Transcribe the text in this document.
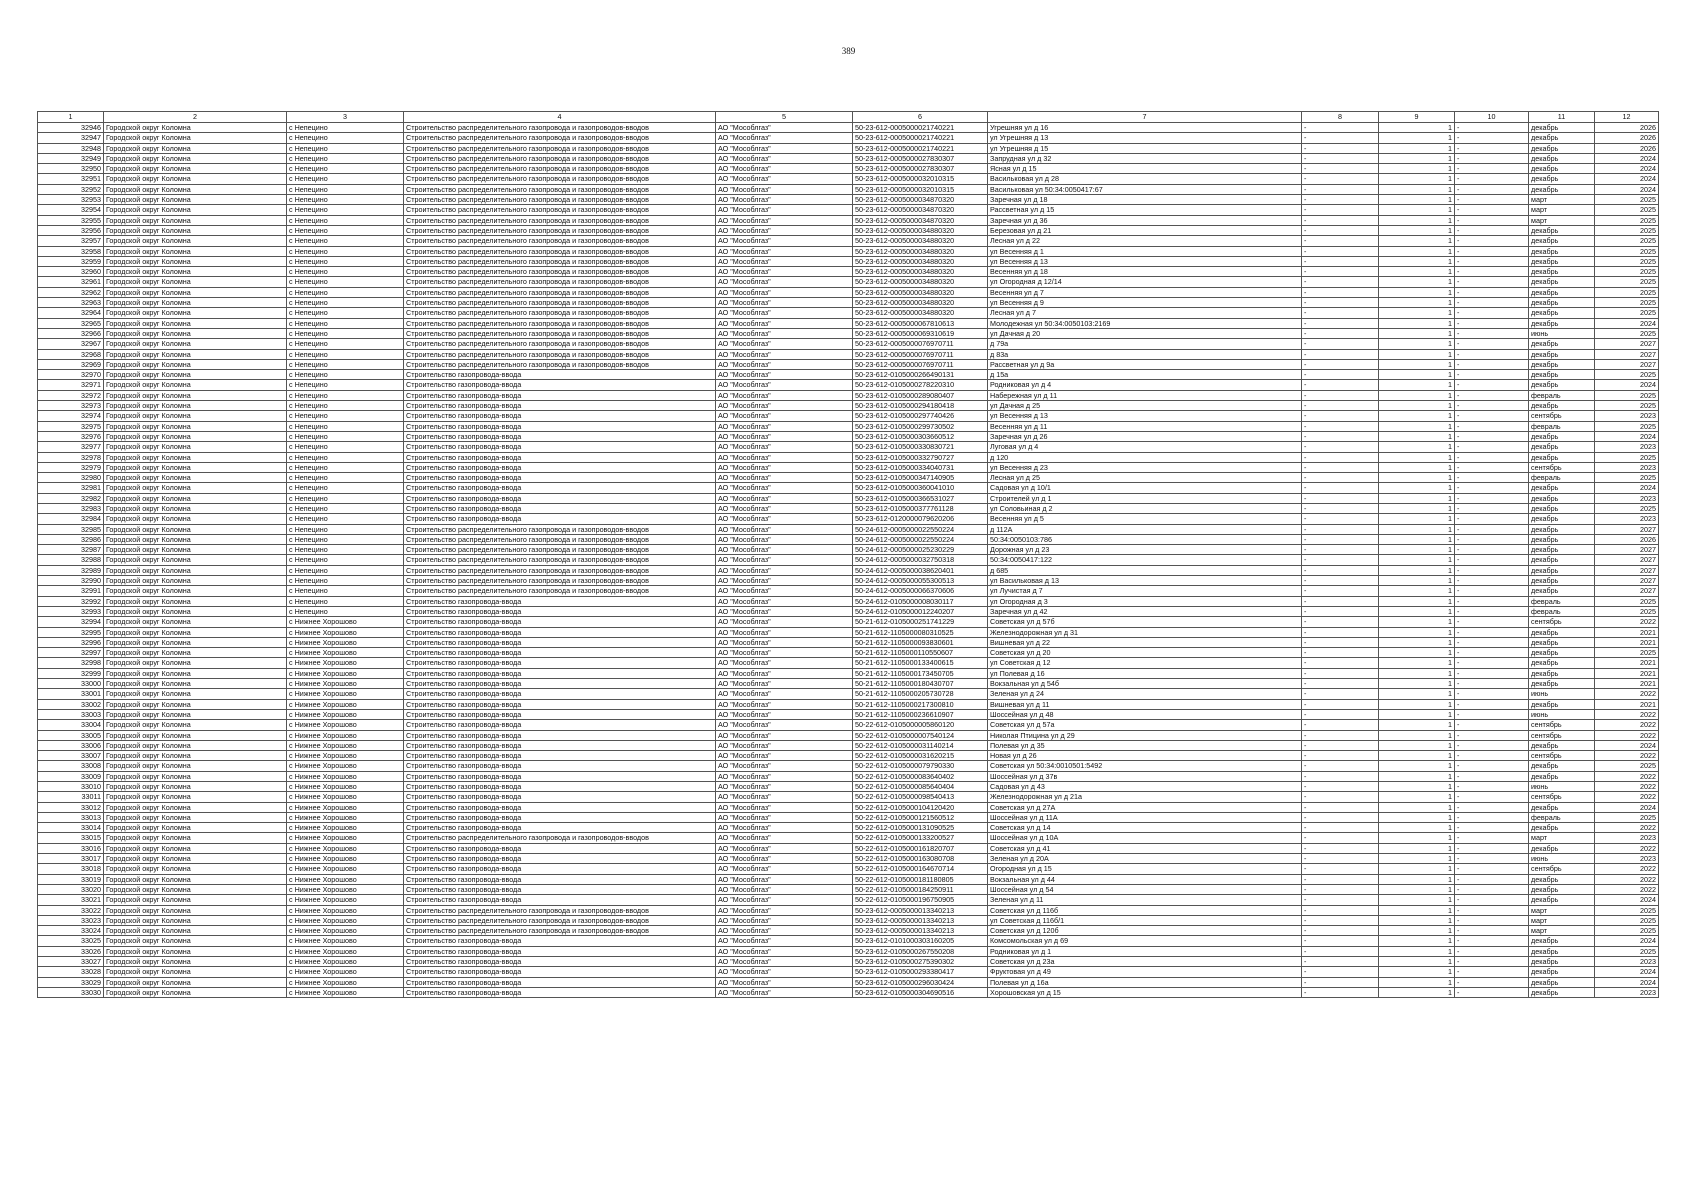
389
1	2	3	4	5	6	7	8	9	10	11	12
32946	Городской округ Коломна	с Непецино	Строительство распределительного газопровода и газопроводов-вводов	АО "Мособлгаз"	50-23-612-0005000021740221	Угрешняя ул д 16	-	1	-	декабрь	2026
32947	Городской округ Коломна	с Непецино	Строительство распределительного газопровода и газопроводов-вводов	АО "Мособлгаз"	50-23-612-0005000021740221	ул Угрешняя д 13	-	1	-	декабрь	2026
32948	Городской округ Коломна	с Непецино	Строительство распределительного газопровода и газопроводов-вводов	АО "Мособлгаз"	50-23-612-0005000021740221	ул Угрешняя д 15	-	1	-	декабрь	2026
32949	Городской округ Коломна	с Непецино	Строительство распределительного газопровода и газопроводов-вводов	АО "Мособлгаз"	50-23-612-0005000027830307	Запрудная ул д 32	-	1	-	декабрь	2024
32950	Городской округ Коломна	с Непецино	Строительство распределительного газопровода и газопроводов-вводов	АО "Мособлгаз"	50-23-612-0005000027830307	Ясная ул д 15	-	1	-	декабрь	2024
32951	Городской округ Коломна	с Непецино	Строительство распределительного газопровода и газопроводов-вводов	АО "Мособлгаз"	50-23-612-0005000032010315	Васильковая ул д 28	-	1	-	декабрь	2024
32952	Городской округ Коломна	с Непецино	Строительство распределительного газопровода и газопроводов-вводов	АО "Мособлгаз"	50-23-612-0005000032010315	Васильковая ул 50:34:0050417:67	-	1	-	декабрь	2024
32953	Городской округ Коломна	с Непецино	Строительство распределительного газопровода и газопроводов-вводов	АО "Мособлгаз"	50-23-612-0005000034870320	Заречная ул д 18	-	1	-	март	2025
32954	Городской округ Коломна	с Непецино	Строительство распределительного газопровода и газопроводов-вводов	АО "Мособлгаз"	50-23-612-0005000034870320	Рассветная ул д 15	-	1	-	март	2025
32955	Городской округ Коломна	с Непецино	Строительство распределительного газопровода и газопроводов-вводов	АО "Мособлгаз"	50-23-612-0005000034870320	Заречная ул д 36	-	1	-	март	2025
32956	Городской округ Коломна	с Непецино	Строительство распределительного газопровода и газопроводов-вводов	АО "Мособлгаз"	50-23-612-0005000034880320	Березовая ул д 21	-	1	-	декабрь	2025
32957	Городской округ Коломна	с Непецино	Строительство распределительного газопровода и газопроводов-вводов	АО "Мособлгаз"	50-23-612-0005000034880320	Лесная ул д 22	-	1	-	декабрь	2025
32958	Городской округ Коломна	с Непецино	Строительство распределительного газопровода и газопроводов-вводов	АО "Мособлгаз"	50-23-612-0005000034880320	ул Весенняя д 1	-	1	-	декабрь	2025
32959	Городской округ Коломна	с Непецино	Строительство распределительного газопровода и газопроводов-вводов	АО "Мособлгаз"	50-23-612-0005000034880320	ул Весенняя д 13	-	1	-	декабрь	2025
32960	Городской округ Коломна	с Непецино	Строительство распределительного газопровода и газопроводов-вводов	АО "Мособлгаз"	50-23-612-0005000034880320	Весенняя ул д 18	-	1	-	декабрь	2025
32961	Городской округ Коломна	с Непецино	Строительство распределительного газопровода и газопроводов-вводов	АО "Мособлгаз"	50-23-612-0005000034880320	ул Огородная д 12/14	-	1	-	декабрь	2025
32962	Городской округ Коломна	с Непецино	Строительство распределительного газопровода и газопроводов-вводов	АО "Мособлгаз"	50-23-612-0005000034880320	Весенняя ул д 7	-	1	-	декабрь	2025
32963	Городской округ Коломна	с Непецино	Строительство распределительного газопровода и газопроводов-вводов	АО "Мособлгаз"	50-23-612-0005000034880320	ул Весенняя д 9	-	1	-	декабрь	2025
32964	Городской округ Коломна	с Непецино	Строительство распределительного газопровода и газопроводов-вводов	АО "Мособлгаз"	50-23-612-0005000034880320	Лесная ул д 7	-	1	-	декабрь	2025
32965	Городской округ Коломна	с Непецино	Строительство распределительного газопровода и газопроводов-вводов	АО "Мособлгаз"	50-23-612-0005000067810613	Молодежная ул 50:34:0050103:2169	-	1	-	декабрь	2024
32966	Городской округ Коломна	с Непецино	Строительство распределительного газопровода и газопроводов-вводов	АО "Мособлгаз"	50-23-612-0005000069310619	ул Дачная д 20	-	1	-	июнь	2025
32967	Городской округ Коломна	с Непецино	Строительство распределительного газопровода и газопроводов-вводов	АО "Мособлгаз"	50-23-612-0005000076970711	д 79а	-	1	-	декабрь	2027
32968	Городской округ Коломна	с Непецино	Строительство распределительного газопровода и газопроводов-вводов	АО "Мособлгаз"	50-23-612-0005000076970711	д 83а	-	1	-	декабрь	2027
32969	Городской округ Коломна	с Непецино	Строительство распределительного газопровода и газопроводов-вводов	АО "Мособлгаз"	50-23-612-0005000076970711	Рассветная ул д 9а	-	1	-	декабрь	2027
32970	Городской округ Коломна	с Непецино	Строительство газопровода-ввода	АО "Мособлгаз"	50-23-612-0105000266490131	д 15а	-	1	-	декабрь	2025
32971	Городской округ Коломна	с Непецино	Строительство газопровода-ввода	АО "Мособлгаз"	50-23-612-0105000278220310	Родниковая ул д 4	-	1	-	декабрь	2024
32972	Городской округ Коломна	с Непецино	Строительство газопровода-ввода	АО "Мособлгаз"	50-23-612-0105000289080407	Набережная ул д 11	-	1	-	февраль	2025
32973	Городской округ Коломна	с Непецино	Строительство газопровода-ввода	АО "Мособлгаз"	50-23-612-0105000294180418	ул Дачная д 25	-	1	-	декабрь	2025
32974	Городской округ Коломна	с Непецино	Строительство газопровода-ввода	АО "Мособлгаз"	50-23-612-0105000297740426	ул Весенняя д 13	-	1	-	сентябрь	2023
32975	Городской округ Коломна	с Непецино	Строительство газопровода-ввода	АО "Мособлгаз"	50-23-612-0105000299730502	Весенняя ул д 11	-	1	-	февраль	2025
32976	Городской округ Коломна	с Непецино	Строительство газопровода-ввода	АО "Мособлгаз"	50-23-612-0105000303660512	Заречная ул д 26	-	1	-	декабрь	2024
32977	Городской округ Коломна	с Непецино	Строительство газопровода-ввода	АО "Мособлгаз"	50-23-612-0105000330830721	Луговая ул д 4	-	1	-	декабрь	2023
32978	Городской округ Коломна	с Непецино	Строительство газопровода-ввода	АО "Мособлгаз"	50-23-612-0105000332790727	д 120	-	1	-	декабрь	2025
32979	Городской округ Коломна	с Непецино	Строительство газопровода-ввода	АО "Мособлгаз"	50-23-612-0105000334040731	ул Весенняя д 23	-	1	-	сентябрь	2023
32980	Городской округ Коломна	с Непецино	Строительство газопровода-ввода	АО "Мособлгаз"	50-23-612-0105000347140905	Лесная ул д 25	-	1	-	февраль	2025
32981	Городской округ Коломна	с Непецино	Строительство газопровода-ввода	АО "Мособлгаз"	50-23-612-0105000360041010	Садовая ул д 10/1	-	1	-	декабрь	2024
32982	Городской округ Коломна	с Непецино	Строительство газопровода-ввода	АО "Мособлгаз"	50-23-612-0105000366531027	Строителей ул д 1	-	1	-	декабрь	2023
32983	Городской округ Коломна	с Непецино	Строительство газопровода-ввода	АО "Мособлгаз"	50-23-612-0105000377761128	ул Соловьиная д 2	-	1	-	декабрь	2025
32984	Городской округ Коломна	с Непецино	Строительство газопровода-ввода	АО "Мособлгаз"	50-23-612-0120000079620206	Весенняя ул д 5	-	1	-	декабрь	2023
32985	Городской округ Коломна	с Непецино	Строительство распределительного газопровода и газопроводов-вводов	АО "Мособлгаз"	50-24-612-0005000022550224	д 112А	-	1	-	декабрь	2027
32986	Городской округ Коломна	с Непецино	Строительство распределительного газопровода и газопроводов-вводов	АО "Мособлгаз"	50-24-612-0005000022550224	50:34:0050103:786	-	1	-	декабрь	2026
32987	Городской округ Коломна	с Непецино	Строительство распределительного газопровода и газопроводов-вводов	АО "Мособлгаз"	50-24-612-0005000025230229	Дорожная ул д 23	-	1	-	декабрь	2027
32988	Городской округ Коломна	с Непецино	Строительство распределительного газопровода и газопроводов-вводов	АО "Мособлгаз"	50-24-612-0005000032750318	50:34:0050417:122	-	1	-	декабрь	2027
32989	Городской округ Коломна	с Непецино	Строительство распределительного газопровода и газопроводов-вводов	АО "Мособлгаз"	50-24-612-0005000038620401	д 685	-	1	-	декабрь	2027
32990	Городской округ Коломна	с Непецино	Строительство распределительного газопровода и газопроводов-вводов	АО "Мособлгаз"	50-24-612-0005000055300513	ул Васильковая д 13	-	1	-	декабрь	2027
32991	Городской округ Коломна	с Непецино	Строительство распределительного газопровода и газопроводов-вводов	АО "Мособлгаз"	50-24-612-0005000066370606	ул Лучистая д 7	-	1	-	декабрь	2027
32992	Городской округ Коломна	с Непецино	Строительство газопровода-ввода	АО "Мособлгаз"	50-24-612-0105000008030117	ул Огородная д 3	-	1	-	февраль	2025
32993	Городской округ Коломна	с Непецино	Строительство газопровода-ввода	АО "Мособлгаз"	50-24-612-0105000012240207	Заречная ул д 42	-	1	-	февраль	2025
32994	Городской округ Коломна	с Нижнее Хорошово	Строительство газопровода-ввода	АО "Мособлгаз"	50-21-612-0105000251741229	Советская ул д 57б	-	1	-	сентябрь	2022
32995	Городской округ Коломна	с Нижнее Хорошово	Строительство газопровода-ввода	АО "Мособлгаз"	50-21-612-1105000080310525	Железнодорожная ул д 31	-	1	-	декабрь	2021
32996	Городской округ Коломна	с Нижнее Хорошово	Строительство газопровода-ввода	АО "Мособлгаз"	50-21-612-1105000093830601	Вишневая ул д 22	-	1	-	декабрь	2021
32997	Городской округ Коломна	с Нижнее Хорошово	Строительство газопровода-ввода	АО "Мособлгаз"	50-21-612-1105000110550607	Советская ул д 20	-	1	-	декабрь	2025
32998	Городской округ Коломна	с Нижнее Хорошово	Строительство газопровода-ввода	АО "Мособлгаз"	50-21-612-1105000133400615	ул Советская д 12	-	1	-	декабрь	2021
32999	Городской округ Коломна	с Нижнее Хорошово	Строительство газопровода-ввода	АО "Мособлгаз"	50-21-612-1105000173450705	ул Полевая д 16	-	1	-	декабрь	2021
33000	Городской округ Коломна	с Нижнее Хорошово	Строительство газопровода-ввода	АО "Мособлгаз"	50-21-612-1105000180430707	Вокзальная ул д 54б	-	1	-	декабрь	2021
33001	Городской округ Коломна	с Нижнее Хорошово	Строительство газопровода-ввода	АО "Мособлгаз"	50-21-612-1105000205730728	Зеленая ул д 24	-	1	-	июнь	2022
33002	Городской округ Коломна	с Нижнее Хорошово	Строительство газопровода-ввода	АО "Мособлгаз"	50-21-612-1105000217300810	Вишневая ул д 11	-	1	-	декабрь	2021
33003	Городской округ Коломна	с Нижнее Хорошово	Строительство газопровода-ввода	АО "Мособлгаз"	50-21-612-1105000236610907	Шоссейная ул д 48	-	1	-	июнь	2022
33004	Городской округ Коломна	с Нижнее Хорошово	Строительство газопровода-ввода	АО "Мособлгаз"	50-22-612-0105000005860120	Советская ул д 57а	-	1	-	сентябрь	2022
33005	Городской округ Коломна	с Нижнее Хорошово	Строительство газопровода-ввода	АО "Мособлгаз"	50-22-612-0105000007540124	Николая Птицина ул д 29	-	1	-	сентябрь	2022
33006	Городской округ Коломна	с Нижнее Хорошово	Строительство газопровода-ввода	АО "Мособлгаз"	50-22-612-0105000031140214	Полевая ул д 35	-	1	-	декабрь	2024
33007	Городской округ Коломна	с Нижнее Хорошово	Строительство газопровода-ввода	АО "Мособлгаз"	50-22-612-0105000031620215	Новая ул д 26	-	1	-	сентябрь	2022
33008	Городской округ Коломна	с Нижнее Хорошово	Строительство газопровода-ввода	АО "Мособлгаз"	50-22-612-0105000079790330	Советская ул 50:34:0010501:5492	-	1	-	декабрь	2025
33009	Городской округ Коломна	с Нижнее Хорошово	Строительство газопровода-ввода	АО "Мособлгаз"	50-22-612-0105000083640402	Шоссейная ул д 37в	-	1	-	декабрь	2022
33010	Городской округ Коломна	с Нижнее Хорошово	Строительство газопровода-ввода	АО "Мособлгаз"	50-22-612-0105000085640404	Садовая ул д 43	-	1	-	июнь	2022
33011	Городской округ Коломна	с Нижнее Хорошово	Строительство газопровода-ввода	АО "Мособлгаз"	50-22-612-0105000098540413	Железнодорожная ул д 21а	-	1	-	сентябрь	2022
33012	Городской округ Коломна	с Нижнее Хорошово	Строительство газопровода-ввода	АО "Мособлгаз"	50-22-612-0105000104120420	Советская ул д 27А	-	1	-	декабрь	2024
33013	Городской округ Коломна	с Нижнее Хорошово	Строительство газопровода-ввода	АО "Мособлгаз"	50-22-612-0105000121560512	Шоссейная ул д 11А	-	1	-	февраль	2025
33014	Городской округ Коломна	с Нижнее Хорошово	Строительство газопровода-ввода	АО "Мособлгаз"	50-22-612-0105000131090525	Советская ул д 14	-	1	-	декабрь	2022
33015	Городской округ Коломна	с Нижнее Хорошово	Строительство распределительного газопровода и газопроводов-вводов	АО "Мособлгаз"	50-22-612-0105000133200527	Шоссейная ул д 10А	-	1	-	март	2023
33016	Городской округ Коломна	с Нижнее Хорошово	Строительство газопровода-ввода	АО "Мособлгаз"	50-22-612-0105000161820707	Советская ул д 41	-	1	-	декабрь	2022
33017	Городской округ Коломна	с Нижнее Хорошово	Строительство газопровода-ввода	АО "Мособлгаз"	50-22-612-0105000163080708	Зеленая ул д 20А	-	1	-	июнь	2023
33018	Городской округ Коломна	с Нижнее Хорошово	Строительство газопровода-ввода	АО "Мособлгаз"	50-22-612-0105000164670714	Огородная ул д 15	-	1	-	сентябрь	2022
33019	Городской округ Коломна	с Нижнее Хорошово	Строительство газопровода-ввода	АО "Мособлгаз"	50-22-612-0105000181180805	Вокзальная ул д 44	-	1	-	декабрь	2022
33020	Городской округ Коломна	с Нижнее Хорошово	Строительство газопровода-ввода	АО "Мособлгаз"	50-22-612-0105000184250911	Шоссейная ул д 54	-	1	-	декабрь	2022
33021	Городской округ Коломна	с Нижнее Хорошово	Строительство газопровода-ввода	АО "Мособлгаз"	50-22-612-0105000196750905	Зеленая ул д 11	-	1	-	декабрь	2024
33022	Городской округ Коломна	с Нижнее Хорошово	Строительство распределительного газопровода и газопроводов-вводов	АО "Мособлгаз"	50-23-612-0005000013340213	Советская ул д 116б	-	1	-	март	2025
33023	Городской округ Коломна	с Нижнее Хорошово	Строительство распределительного газопровода и газопроводов-вводов	АО "Мособлгаз"	50-23-612-0005000013340213	ул Советская д 116б/1	-	1	-	март	2025
33024	Городской округ Коломна	с Нижнее Хорошово	Строительство распределительного газопровода и газопроводов-вводов	АО "Мособлгаз"	50-23-612-0005000013340213	Советская ул д 120б	-	1	-	март	2025
33025	Городской округ Коломна	с Нижнее Хорошово	Строительство газопровода-ввода	АО "Мособлгаз"	50-23-612-0101000303160205	Комсомольская ул д 69	-	1	-	декабрь	2024
33026	Городской округ Коломна	с Нижнее Хорошово	Строительство газопровода-ввода	АО "Мособлгаз"	50-23-612-0105000267550208	Родниковая ул д 1	-	1	-	декабрь	2025
33027	Городской округ Коломна	с Нижнее Хорошово	Строительство газопровода-ввода	АО "Мособлгаз"	50-23-612-0105000275390302	Советская ул д 23а	-	1	-	декабрь	2023
33028	Городской округ Коломна	с Нижнее Хорошово	Строительство газопровода-ввода	АО "Мособлгаз"	50-23-612-0105000293380417	Фруктовая ул д 49	-	1	-	декабрь	2024
33029	Городской округ Коломна	с Нижнее Хорошово	Строительство газопровода-ввода	АО "Мособлгаз"	50-23-612-0105000296030424	Полевая ул д 16а	-	1	-	декабрь	2024
33030	Городской округ Коломна	с Нижнее Хорошово	Строительство газопровода-ввода	АО "Мособлгаз"	50-23-612-0105000304690516	Хорошовская ул д 15	-	1	-	декабрь	2023
